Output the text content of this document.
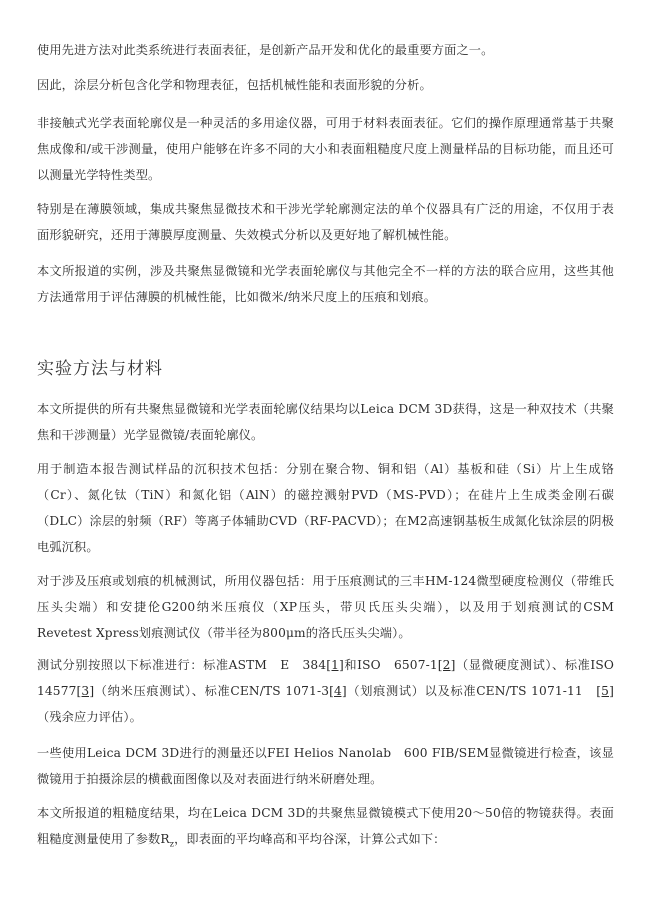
使用先进方法对此类系统进行表面表征，是创新产品开发和优化的最重要方面之一。

因此，涂层分析包含化学和物理表征，包括机械性能和表面形貌的分析。

非接触式光学表面轮廓仪是一种灵活的多用途仪器，可用于材料表面表征。它们的操作原理通常基于共聚焦成像和/或干涉测量，使用户能够在许多不同的大小和表面粗糙度尺度上测量样品的目标功能，而且还可以测量光学特性类型。

特别是在薄膜领域，集成共聚焦显微技术和干涉光学轮廓测定法的单个仪器具有广泛的用途，不仅用于表面形貌研究，还用于薄膜厚度测量、失效模式分析以及更好地了解机械性能。

本文所报道的实例，涉及共聚焦显微镜和光学表面轮廓仪与其他完全不一样的方法的联合应用，这些其他方法通常用于评估薄膜的机械性能，比如微米/纳米尺度上的压痕和划痕。

实验方法与材料

本文所提供的所有共聚焦显微镜和光学表面轮廓仪结果均以Leica DCM 3D获得，这是一种双技术（共聚焦和干涉测量）光学显微镜/表面轮廓仪。

用于制造本报告测试样品的沉积技术包括：分别在聚合物、铜和铝（Al）基板和硅（Si）片上生成铬（Cr）、氮化钛（TiN）和氮化铝（AlN）的磁控溅射PVD（MS-PVD）；在硅片上生成类金刚石碳（DLC）涂层的射频（RF）等离子体辅助CVD（RF-PACVD）；在M2高速钢基板生成氮化钛涂层的阴极电弧沉积。

对于涉及压痕或划痕的机械测试，所用仪器包括：用于压痕测试的三丰HM-124微型硬度检测仪（带维氏压头尖端）和安捷伦G200纳米压痕仪（XP压头，带贝氏压头尖端），以及用于划痕测试的CSM Revetest Xpress划痕测试仪（带半径为800μm的洛氏压头尖端）。

测试分别按照以下标准进行：标准ASTM　E　384[1]和ISO　6507-1[2]（显微硬度测试）、标准ISO　14577[3]（纳米压痕测试）、标准CEN/TS 1071-3[4]（划痕测试）以及标准CEN/TS 1071-11　[5]（残余应力评估）。

一些使用Leica DCM 3D进行的测量还以FEI Helios Nanolab　600 FIB/SEM显微镜进行检查，该显微镜用于拍摄涂层的横截面图像以及对表面进行纳米研磨处理。

本文所报道的粗糙度结果，均在Leica DCM 3D的共聚焦显微镜模式下使用20～50倍的物镜获得。表面粗糙度测量使用了参数$R_z$，即表面的平均峰高和平均谷深，计算公式如下：
